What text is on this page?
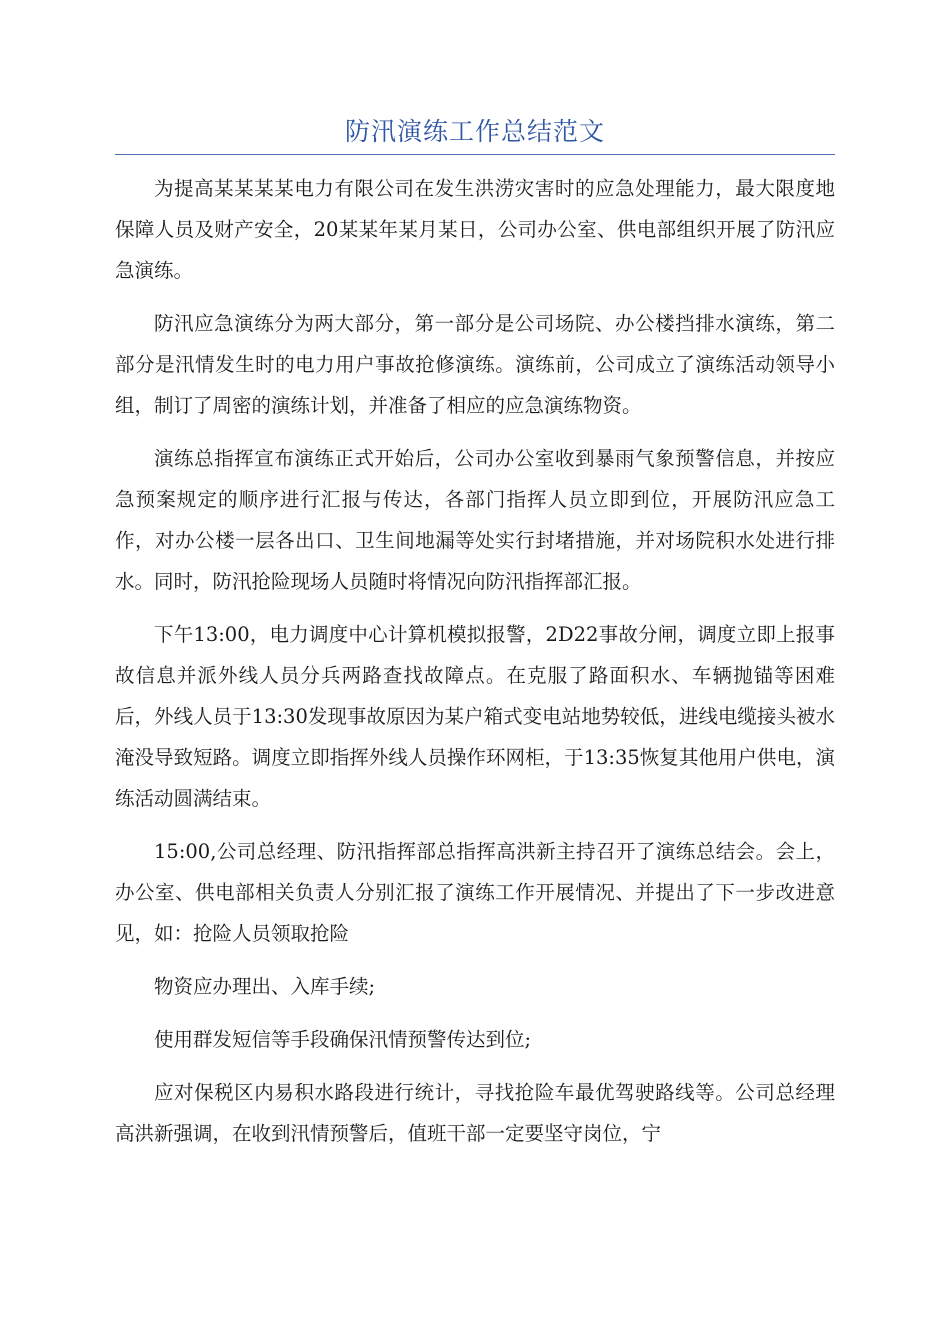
防汛演练工作总结范文

为提高某某某某电力有限公司在发生洪涝灾害时的应急处理能力，最大限度地保障人员及财产安全，20某某年某月某日，公司办公室、供电部组织开展了防汛应急演练。

防汛应急演练分为两大部分，第一部分是公司场院、办公楼挡排水演练，第二部分是汛情发生时的电力用户事故抢修演练。演练前，公司成立了演练活动领导小组，制订了周密的演练计划，并准备了相应的应急演练物资。

演练总指挥宣布演练正式开始后，公司办公室收到暴雨气象预警信息，并按应急预案规定的顺序进行汇报与传达，各部门指挥人员立即到位，开展防汛应急工作，对办公楼一层各出口、卫生间地漏等处实行封堵措施，并对场院积水处进行排水。同时，防汛抢险现场人员随时将情况向防汛指挥部汇报。

下午13:00，电力调度中心计算机模拟报警，2D22事故分闸，调度立即上报事故信息并派外线人员分兵两路查找故障点。在克服了路面积水、车辆抛锚等困难后，外线人员于13:30发现事故原因为某户箱式变电站地势较低，进线电缆接头被水淹没导致短路。调度立即指挥外线人员操作环网柜，于13:35恢复其他用户供电，演练活动圆满结束。

15:00,公司总经理、防汛指挥部总指挥高洪新主持召开了演练总结会。会上，办公室、供电部相关负责人分别汇报了演练工作开展情况、并提出了下一步改进意见，如：抢险人员领取抢险

物资应办理出、入库手续;

使用群发短信等手段确保汛情预警传达到位;

应对保税区内易积水路段进行统计，寻找抢险车最优驾驶路线等。公司总经理高洪新强调，在收到汛情预警后，值班干部一定要坚守岗位，宁
